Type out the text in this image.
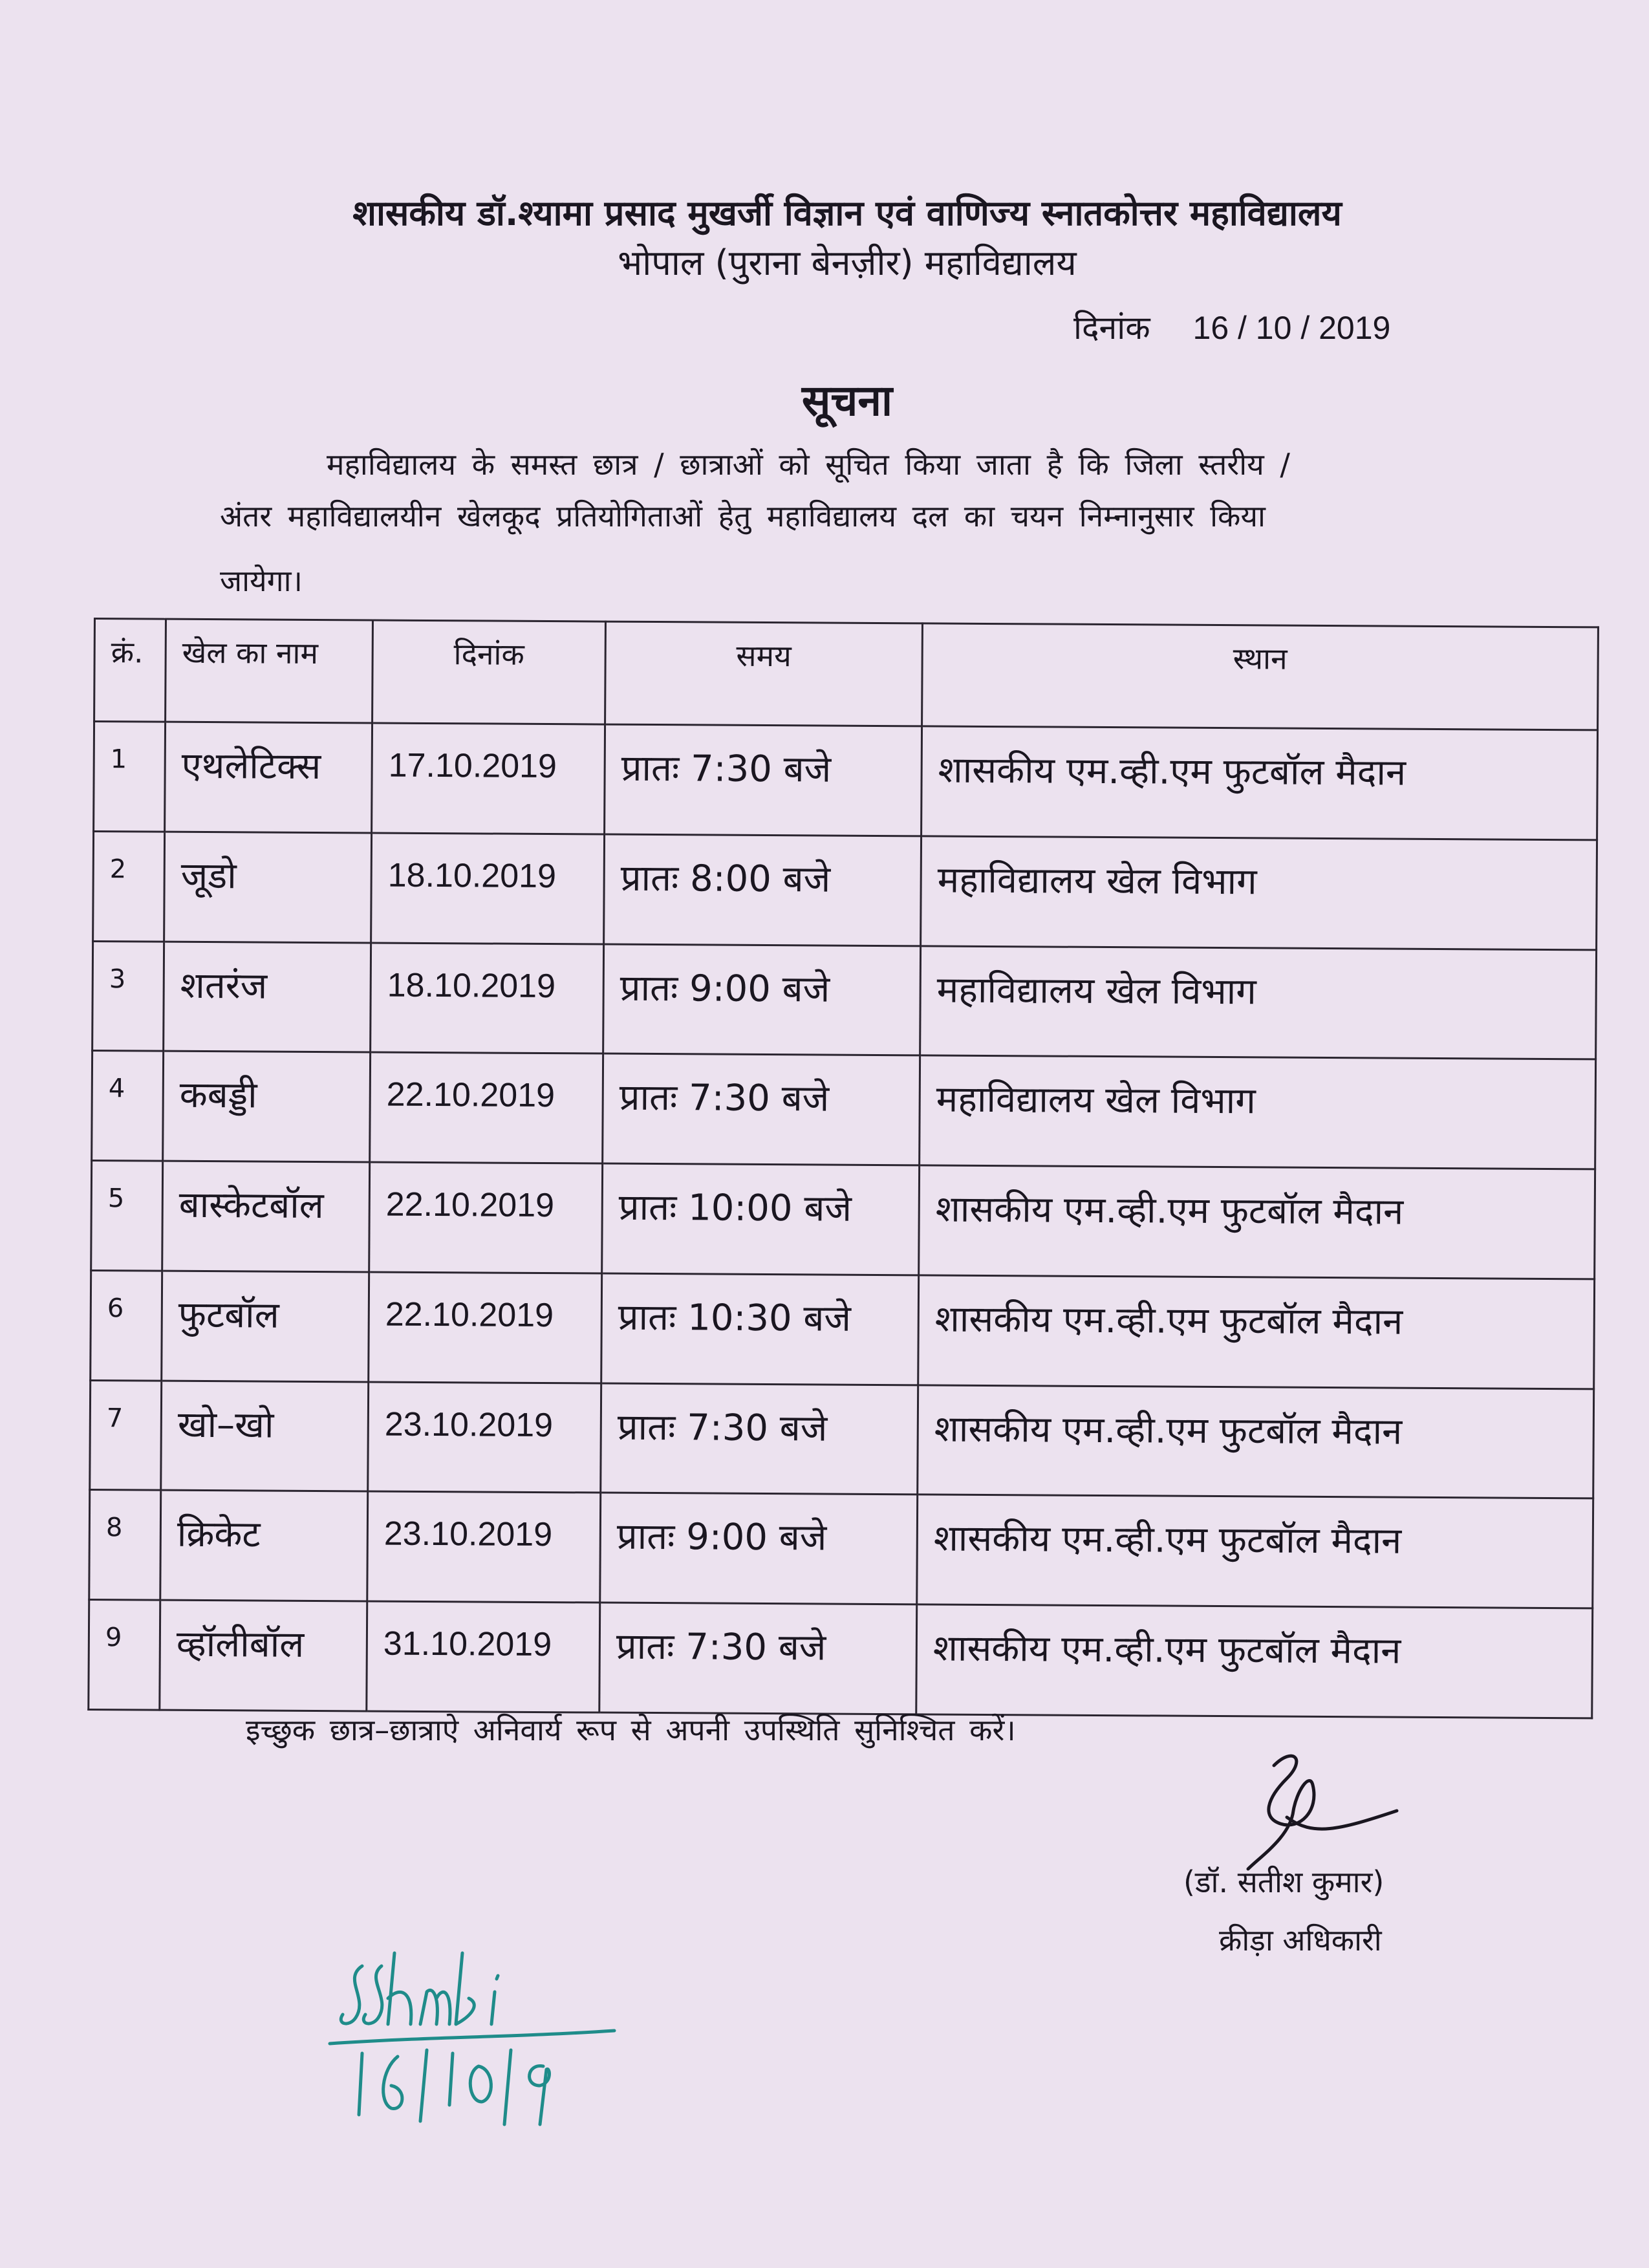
शासकीय डॉ.श्यामा प्रसाद मुखर्जी विज्ञान एवं वाणिज्य स्नातकोत्तर महाविद्यालय
भोपाल (पुराना बेनज़ीर) महाविद्यालय
दिनांक 16 / 10 / 2019
सूचना
महाविद्यालय के समस्त छात्र / छात्राओं को सूचित किया जाता है कि जिला स्तरीय /
अंतर महाविद्यालयीन खेलकूद प्रतियोगिताओं हेतु महाविद्यालय दल का चयन निम्नानुसार किया
जायेगा।
क्रं.	खेल का नाम	दिनांक	समय	स्थान
1	एथलेटिक्स	17.10.2019	प्रातः 7:30 बजे	शासकीय एम.व्ही.एम फुटबॉल मैदान
2	जूडो	18.10.2019	प्रातः 8:00 बजे	महाविद्यालय खेल विभाग
3	शतरंज	18.10.2019	प्रातः 9:00 बजे	महाविद्यालय खेल विभाग
4	कबड्डी	22.10.2019	प्रातः 7:30 बजे	महाविद्यालय खेल विभाग
5	बास्केटबॉल	22.10.2019	प्रातः 10:00 बजे	शासकीय एम.व्ही.एम फुटबॉल मैदान
6	फुटबॉल	22.10.2019	प्रातः 10:30 बजे	शासकीय एम.व्ही.एम फुटबॉल मैदान
7	खो–खो	23.10.2019	प्रातः 7:30 बजे	शासकीय एम.व्ही.एम फुटबॉल मैदान
8	क्रिकेट	23.10.2019	प्रातः 9:00 बजे	शासकीय एम.व्ही.एम फुटबॉल मैदान
9	व्हॉलीबॉल	31.10.2019	प्रातः 7:30 बजे	शासकीय एम.व्ही.एम फुटबॉल मैदान
इच्छुक छात्र–छात्राऐ अनिवार्य रूप से अपनी उपस्थिति सुनिश्चित करें।
(डॉ. सतीश कुमार)
क्रीड़ा अधिकारी
